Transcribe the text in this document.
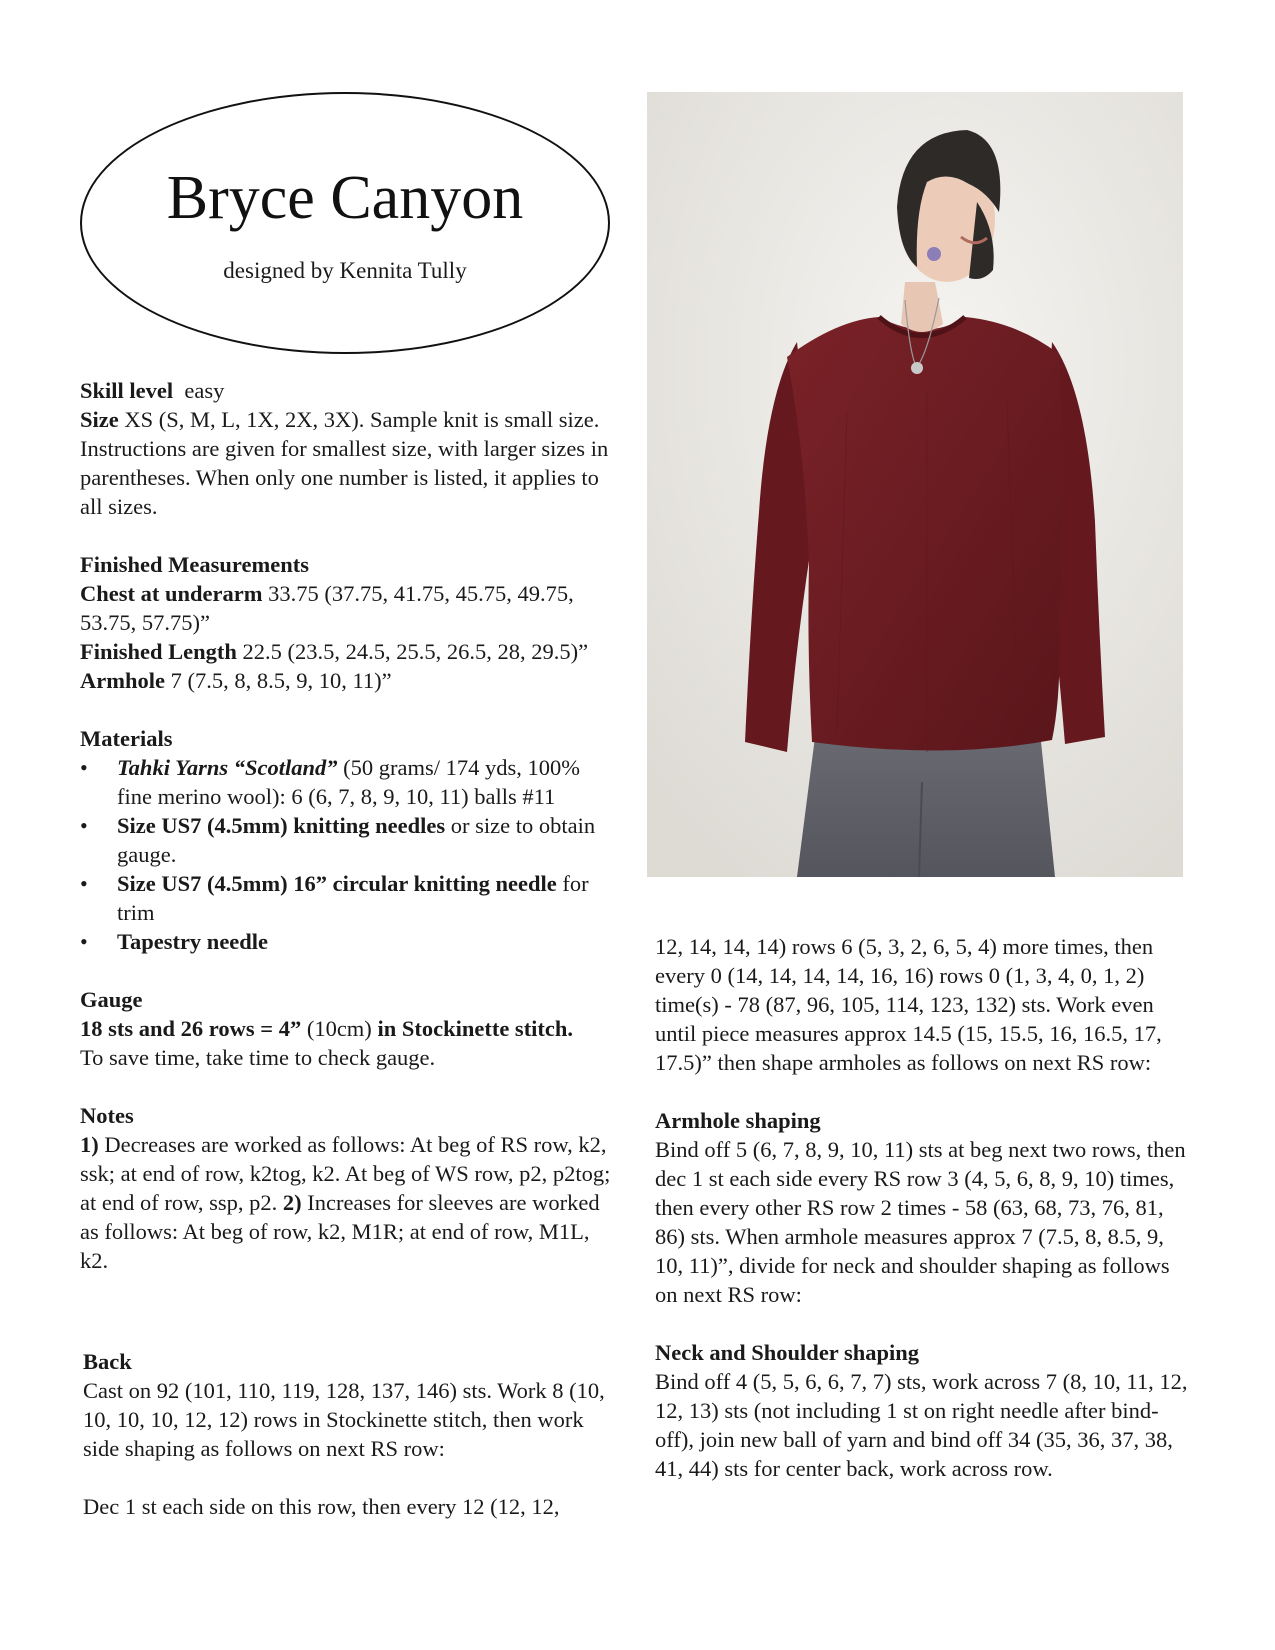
Bryce Canyon
designed by Kennita Tully

Skill level easy

Size XS (S, M, L, 1X, 2X, 3X). Sample knit is small size.

Instructions are given for smallest size, with larger sizes in parentheses. When only one number is listed, it applies to all sizes.

Finished Measurements

Chest at underarm 33.75 (37.75, 41.75, 45.75, 49.75, 53.75, 57.75)”

Finished Length 22.5 (23.5, 24.5, 25.5, 26.5, 28, 29.5)”

Armhole 7 (7.5, 8, 8.5, 9, 10, 11)”

Materials

• Tahki Yarns “Scotland” (50 grams/ 174 yds, 100% fine merino wool): 6 (6, 7, 8, 9, 10, 11) balls #11
• Size US7 (4.5mm) knitting needles or size to obtain gauge.
• Size US7 (4.5mm) 16” circular knitting needle for trim
• Tapestry needle

Gauge

18 sts and 26 rows = 4” (10cm) in Stockinette stitch.

To save time, take time to check gauge.

Notes

1) Decreases are worked as follows: At beg of RS row, k2, ssk; at end of row, k2tog, k2. At beg of WS row, p2, p2tog; at end of row, ssp, p2. 2) Increases for sleeves are worked as follows: At beg of row, k2, M1R; at end of row, M1L, k2.

Back

Cast on 92 (101, 110, 119, 128, 137, 146) sts. Work 8 (10, 10, 10, 10, 12, 12) rows in Stockinette stitch, then work side shaping as follows on next RS row:

Dec 1 st each side on this row, then every 12 (12, 12,

12, 14, 14, 14) rows 6 (5, 3, 2, 6, 5, 4) more times, then every 0 (14, 14, 14, 14, 16, 16) rows 0 (1, 3, 4, 0, 1, 2) time(s) - 78 (87, 96, 105, 114, 123, 132) sts. Work even until piece measures approx 14.5 (15, 15.5, 16, 16.5, 17, 17.5)” then shape armholes as follows on next RS row:

Armhole shaping

Bind off 5 (6, 7, 8, 9, 10, 11) sts at beg next two rows, then dec 1 st each side every RS row 3 (4, 5, 6, 8, 9, 10) times, then every other RS row 2 times - 58 (63, 68, 73, 76, 81, 86) sts. When armhole measures approx 7 (7.5, 8, 8.5, 9, 10, 11)”, divide for neck and shoulder shaping as follows on next RS row:

Neck and Shoulder shaping

Bind off 4 (5, 5, 6, 6, 7, 7) sts, work across 7 (8, 10, 11, 12, 12, 13) sts (not including 1 st on right needle after bind-off), join new ball of yarn and bind off 34 (35, 36, 37, 38, 41, 44) sts for center back, work across row.
